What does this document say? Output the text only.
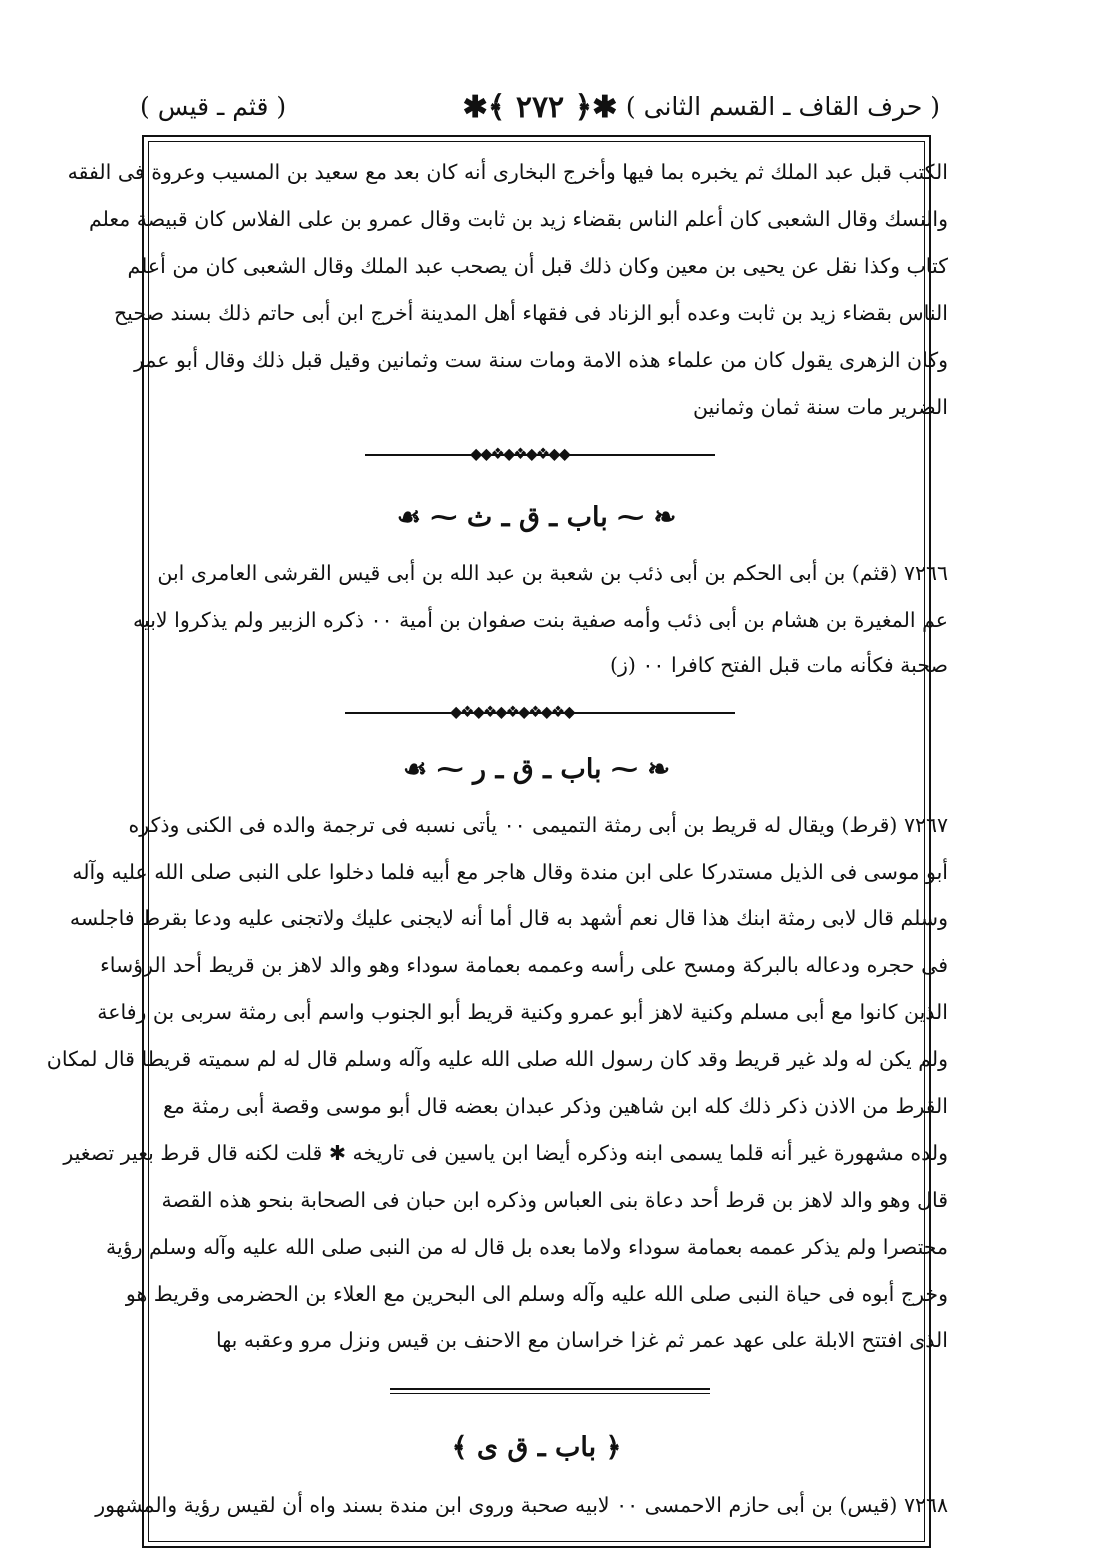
( حرف القاف ـ القسم الثانى )
✱﴿ ٢٧٢ ﴾✱
( قثم ـ قيس )
الكتب قبل عبد الملك ثم يخبره بما فيها وأخرج البخارى أنه كان بعد مع سعيد بن المسيب وعروة فى الفقه
والنسك وقال الشعبى كان أعلم الناس بقضاء زيد بن ثابت وقال عمرو بن على الفلاس كان قبيصة معلم
كتاب وكذا نقل عن يحيى بن معين وكان ذلك قبل أن يصحب عبد الملك وقال الشعبى كان من أعلم
الناس بقضاء زيد بن ثابت وعده أبو الزناد فى فقهاء أهل المدينة أخرج ابن أبى حاتم ذلك بسند صحيح
وكان الزهرى يقول كان من علماء هذه الامة ومات سنة ست وثمانين وقيل قبل ذلك وقال أبو عمر
الضرير مات سنة ثمان وثمانين
◆◆❖◆❖◆❖◆◆
❧ ⁓ باب ـ ق ـ ث ⁓ ☙
٧٢٦٦ (قثم) بن أبى الحكم بن أبى ذئب بن شعبة بن عبد الله بن أبى قيس القرشى العامرى ابن
عم المغيرة بن هشام بن أبى ذئب وأمه صفية بنت صفوان بن أمية ٠٠ ذكره الزبير ولم يذكروا لابيه
صحبة فكأنه مات قبل الفتح كافرا ٠٠ (ز)
◆❖◆❖◆❖◆❖◆❖◆
❧ ⁓ باب ـ ق ـ ر ⁓ ☙
٧٢٦٧ (قرط) ويقال له قريط بن أبى رمثة التميمى ٠٠ يأتى نسبه فى ترجمة والده فى الكنى وذكره
أبو موسى فى الذيل مستدركا على ابن مندة وقال هاجر مع أبيه فلما دخلوا على النبى صلى الله عليه وآله
وسلم قال لابى رمثة ابنك هذا قال نعم أشهد به قال أما أنه لايجنى عليك ولاتجنى عليه ودعا بقرط فاجلسه
فى حجره ودعاله بالبركة ومسح على رأسه وعممه بعمامة سوداء وهو والد لاهز بن قريط أحد الرؤساء
الذين كانوا مع أبى مسلم وكنية لاهز أبو عمرو وكنية قريط أبو الجنوب واسم أبى رمثة سربى بن رفاعة
ولم يكن له ولد غير قريط وقد كان رسول الله صلى الله عليه وآله وسلم قال له لم سميته قريطا قال لمكان
القرط من الاذن ذكر ذلك كله ابن شاهين وذكر عبدان بعضه قال أبو موسى وقصة أبى رمثة مع
ولده مشهورة غير أنه قلما يسمى ابنه وذكره أيضا ابن ياسين فى تاريخه ✱ قلت لكنه قال قرط بغير تصغير
قال وهو والد لاهز بن قرط أحد دعاة بنى العباس وذكره ابن حبان فى الصحابة بنحو هذه القصة
مختصرا ولم يذكر عممه بعمامة سوداء ولاما بعده بل قال له من النبى صلى الله عليه وآله وسلم رؤية
وخرج أبوه فى حياة النبى صلى الله عليه وآله وسلم الى البحرين مع العلاء بن الحضرمى وقريط هو
الذى افتتح الابلة على عهد عمر ثم غزا خراسان مع الاحنف بن قيس ونزل مرو وعقبه بها
﴿ باب ـ ق ى ﴾
٧٢٦٨ (قيس) بن أبى حازم الاحمسى ٠٠ لابيه صحبة وروى ابن مندة بسند واه أن لقيس رؤية والمشهور
